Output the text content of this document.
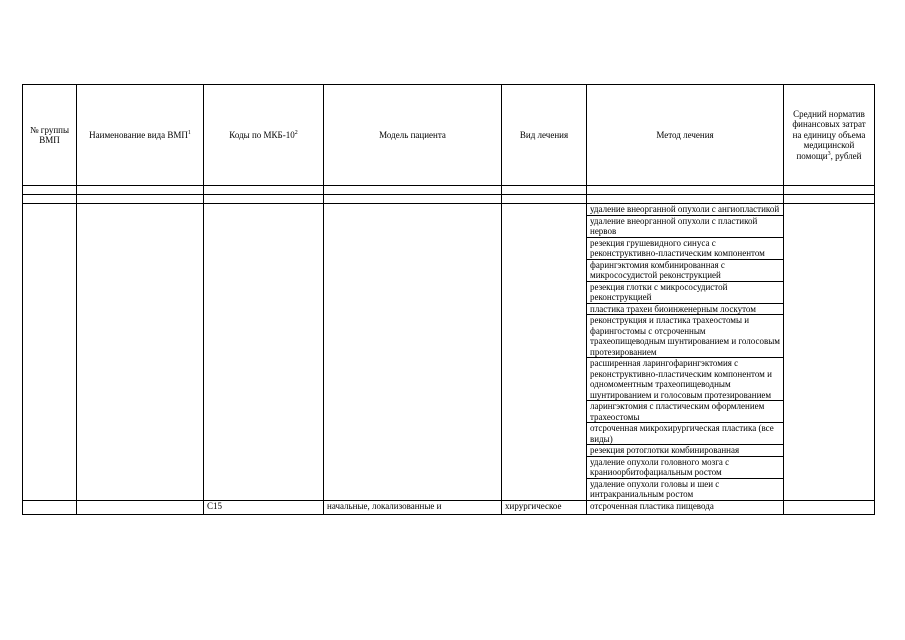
№ группы ВМП	Наименование вида ВМП$^1$	Коды по МКБ-$10^2$	Модель пациента	Вид лечения	Метод лечения	Средний норматив финансовых затрат на единицу объема медицинской помощи$^3$, рублей

					удаление внеорганной опухоли с ангиопластикой	
					удаление внеорганной опухоли с пластикой нервов	
					резекция грушевидного синуса с реконструктивно-пластическим компонентом	
					фарингэктомия комбинированная с микрососудистой реконструкцией	
					резекция глотки с микрососудистой реконструкцией	
					пластика трахеи биоинженерным лоскутом	
					реконструкция и пластика трахеостомы и фарингостомы с отсроченным трахеопищеводным шунтированием и голосовым протезированием	
					расширенная ларингофарингэктомия с реконструктивно-пластическим компонентом и одномоментным трахеопищеводным шунтированием и голосовым протезированием	
					ларингэктомия с пластическим оформлением трахеостомы	
					отсроченная микрохирургическая пластика (все виды)	
					резекция ротоглотки комбинированная	
					удаление опухоли головного мозга с краниоорбитофациальным ростом	
					удаление опухоли головы и шеи с интракраниальным ростом	
		C15	начальные, локализованные и	хирургическое	отсроченная пластика пищевода	
